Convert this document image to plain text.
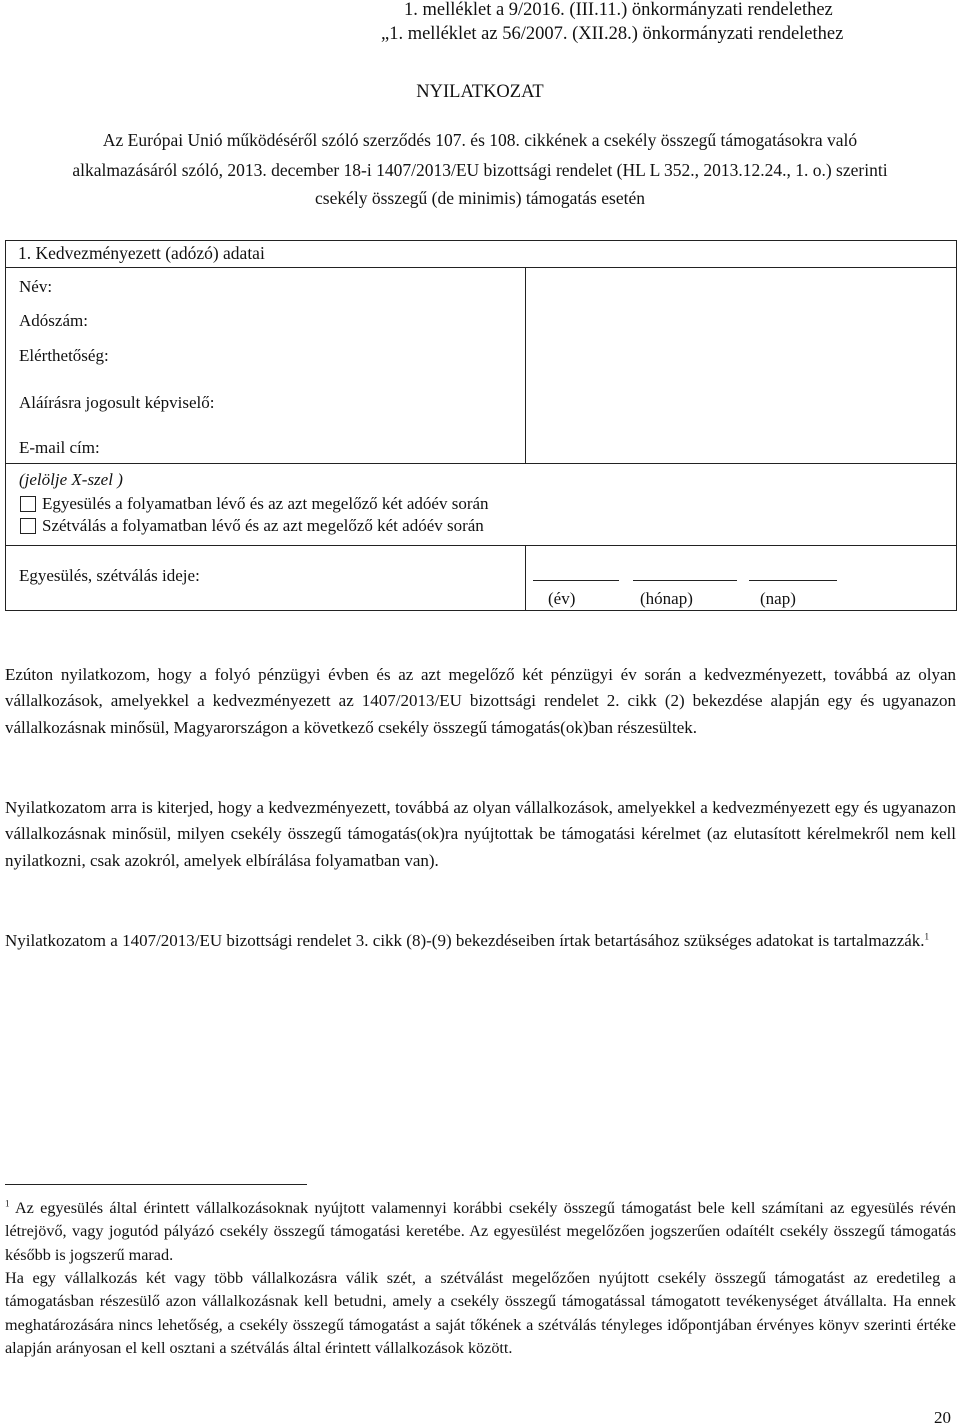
1. melléklet a 9/2016. (III.11.) önkormányzati rendelethez
„1. melléklet az 56/2007. (XII.28.) önkormányzati rendelethez
NYILATKOZAT
Az Európai Unió működéséről szóló szerződés 107. és 108. cikkének a csekély összegű támogatásokra való
alkalmazásáról szóló, 2013. december 18-i 1407/2013/EU bizottsági rendelet (HL L 352., 2013.12.24., 1. o.) szerinti
csekély összegű (de minimis) támogatás esetén
1. Kedvezményezett (adózó) adatai
Név:
Adószám:
Elérthetőség:
Aláírásra jogosult képviselő:
E-mail cím:
(jelölje X-szel )
Egyesülés a folyamatban lévő és az azt megelőző két adóév során
Szétválás a folyamatban lévő és az azt megelőző két adóév során
Egyesülés, szétválás ideje:
(év)	(hónap)	(nap)

Ezúton nyilatkozom, hogy a folyó pénzügyi évben és az azt megelőző két pénzügyi év során a kedvezményezett, továbbá az olyan vállalkozások, amelyekkel a kedvezményezett az 1407/2013/EU bizottsági rendelet 2. cikk (2) bekezdése alapján egy és ugyanazon vállalkozásnak minősül, Magyarországon a következő csekély összegű támogatás(ok)ban részesültek.

Nyilatkozatom arra is kiterjed, hogy a kedvezményezett, továbbá az olyan vállalkozások, amelyekkel a kedvezményezett egy és ugyanazon vállalkozásnak minősül, milyen csekély összegű támogatás(ok)ra nyújtottak be támogatási kérelmet (az elutasított kérelmekről nem kell nyilatkozni, csak azokról, amelyek elbírálása folyamatban van).

Nyilatkozatom a 1407/2013/EU bizottsági rendelet 3. cikk (8)-(9) bekezdéseiben írtak betartásához szükséges adatokat is tartalmazzák.$^1$

$^1$ Az egyesülés által érintett vállalkozásoknak nyújtott valamennyi korábbi csekély összegű támogatást bele kell számítani az egyesülés révén létrejövő, vagy jogutód pályázó csekély összegű támogatási keretébe. Az egyesülést megelőzően jogszerűen odaítélt csekély összegű támogatás később is jogszerű marad.

Ha egy vállalkozás két vagy több vállalkozásra válik szét, a szétválást megelőzően nyújtott csekély összegű támogatást az eredetileg a támogatásban részesülő azon vállalkozásnak kell betudni, amely a csekély összegű támogatással támogatott tevékenységet átvállalta. Ha ennek meghatározására nincs lehetőség, a csekély összegű támogatást a saját tőkének a szétválás tényleges időpontjában érvényes könyv szerinti értéke alapján arányosan el kell osztani a szétválás által érintett vállalkozások között.

20
